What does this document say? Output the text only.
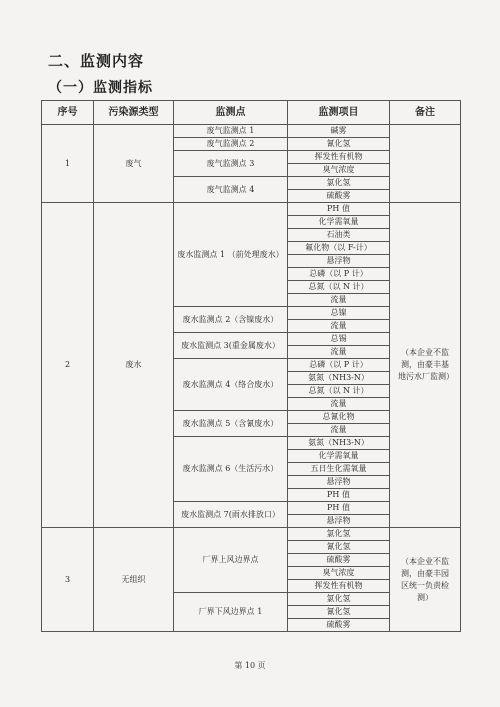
二、监测内容
（一）监测指标
序号	污染源类型	监测点	监测项目	备注
1	废气	废气监测点 1	碱雾	
		废气监测点 2	氰化氢	
		废气监测点 3	挥发性有机物	
			臭气浓度	
		废气监测点 4	氯化氢	
			硫酸雾	
2	废水	废水监测点 1 （前处理废水）	PH 值	（本企业不监测，由豪丰基地污水厂监测）
			化学需氧量	
			石油类	
			氟化物（以 F-计）	
			悬浮物	
			总磷（以 P 计）	
			总氮（以 N 计）	
			流量	
		废水监测点 2（含镍废水）	总镍	
			流量	
		废水监测点 3(重金属废水）	总锡	
			流量	
		废水监测点 4（络合废水）	总磷（以 P 计）	
			氨氮（NH3-N）	
			总氮（以 N 计）	
			流量	
		废水监测点 5（含氰废水）	总氰化物	
			流量	
		废水监测点 6（生活污水）	氨氮（NH3-N）	
			化学需氧量	
			五日生化需氧量	
			悬浮物	
			PH 值	
		废水监测点 7(雨水排放口）	PH 值	
			悬浮物	
3	无组织	厂界上风边界点	氯化氢	（本企业不监测，由豪丰园区统一负责检测）
			氰化氢	
			硫酸雾	
			臭气浓度	
			挥发性有机物	
		厂界下风边界点 1	氯化氢	
			氰化氢	
			硫酸雾	
第 10 页
